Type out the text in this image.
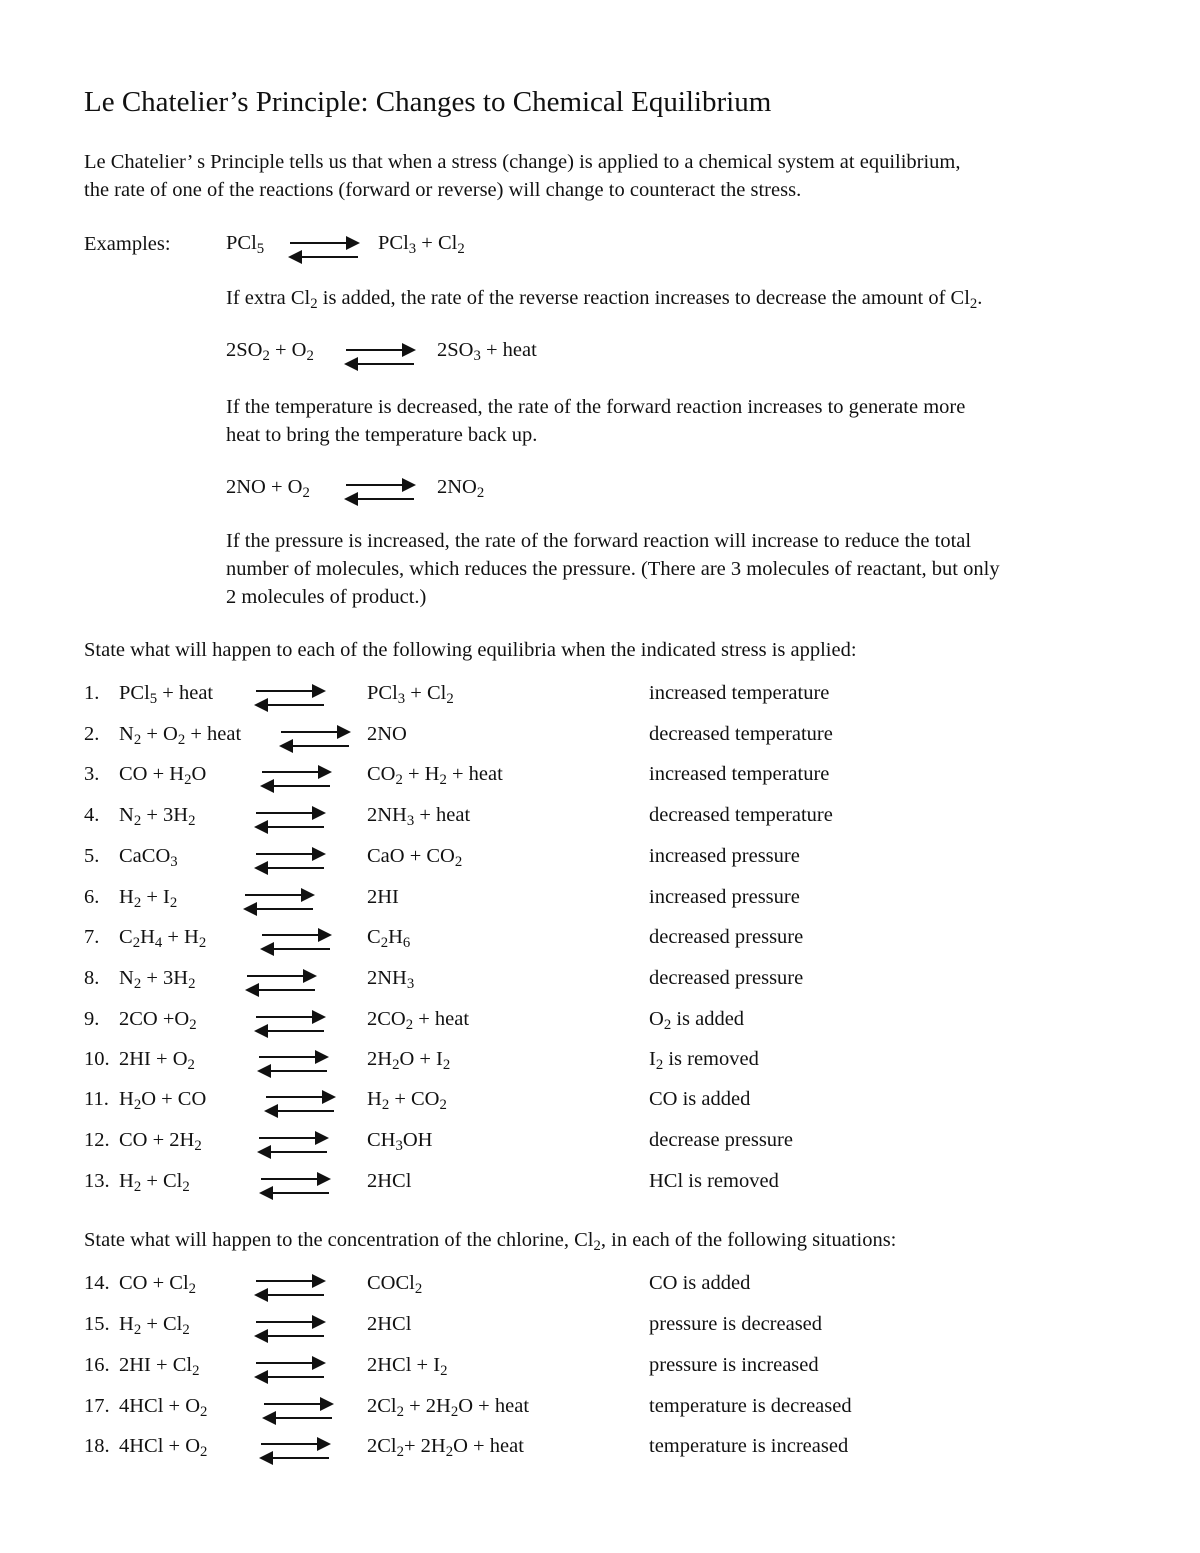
Le Chatelier’s Principle: Changes to Chemical Equilibrium
Le Chatelier’ s Principle tells us that when a stress (change) is applied to a chemical system at equilibrium,
the rate of one of the reactions (forward or reverse) will change to counteract the stress.
Examples:	PCl$_5$	$PCl_3 + Cl_2$
If extra $Cl_2$ is added, the rate of the reverse reaction increases to decrease the amount of $Cl_2$.
$2SO_2 + O_2$	$2SO_3$ + heat
If the temperature is decreased, the rate of the forward reaction increases to generate more
heat to bring the temperature back up.
$2NO + O_2$	$2NO_2$
If the pressure is increased, the rate of the forward reaction will increase to reduce the total
number of molecules, which reduces the pressure. (There are 3 molecules of reactant, but only
2 molecules of product.)
State what will happen to each of the following equilibria when the indicated stress is applied:
1. PCl$_5$ + heat	$PCl_3 + Cl_2$	increased temperature
2. $N_2 + O_2$ + heat	2NO	decreased temperature
3. CO + $H_2O$	$CO_2 + H_2$ + heat	increased temperature
4. $N_2 + 3H_2$	$2NH_3$ + heat	decreased temperature
5. CaCO$_3$	CaO + $CO_2$	increased pressure
6. $H_2 + I_2$	2HI	increased pressure
7. $C_2H_4 + H_2$	$C_2H_6$	decreased pressure
8. $N_2 + 3H_2$	$2NH_3$	decreased pressure
9. $2CO +O_2$	$2CO_2$ + heat	$O_2$ is added
10. $2HI + O_2$	$2H_2O + I_2$	$I_2$ is removed
11. $H_2O$ + CO	$H_2 + CO_2$	CO is added
12. CO + $2H_2$	$CH_3OH$	decrease pressure
13. $H_2 + Cl_2$	2HCl	HCl is removed
State what will happen to the concentration of the chlorine, $Cl_2$, in each of the following situations:
14. CO + $Cl_2$	COCl$_2$	CO is added
15. $H_2 + Cl_2$	2HCl	pressure is decreased
16. $2HI + Cl_2$	$2HCl + I_2$	pressure is increased
17. $4HCl + O_2$	$2Cl_2 + 2H_2O$ + heat	temperature is decreased
18. $4HCl + O_2$	$2Cl_2+ 2H_2O$ + heat	temperature is increased
